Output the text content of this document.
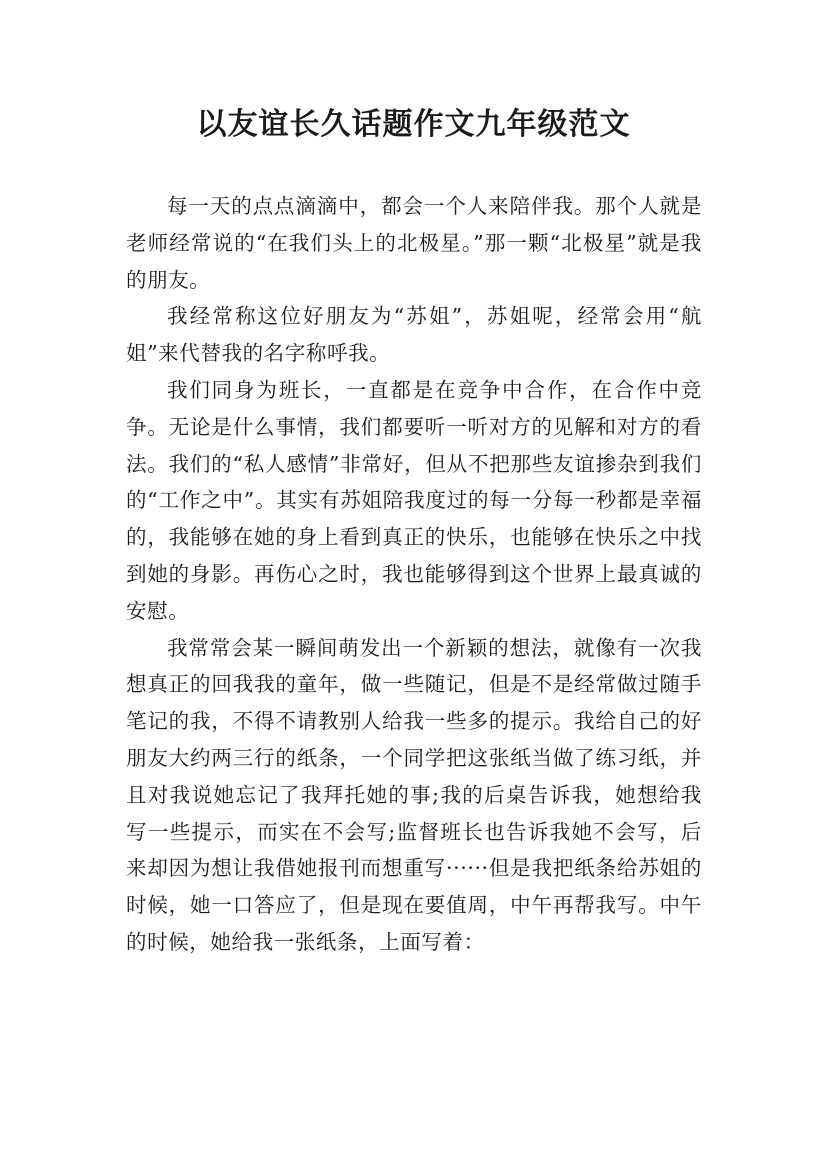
以友谊长久话题作文九年级范文

每一天的点点滴滴中，都会一个人来陪伴我。那个人就是老师经常说的“在我们头上的北极星。”那一颗“北极星”就是我的朋友。

我经常称这位好朋友为“苏姐”，苏姐呢，经常会用“航姐”来代替我的名字称呼我。

我们同身为班长，一直都是在竞争中合作，在合作中竞争。无论是什么事情，我们都要听一听对方的见解和对方的看法。我们的“私人感情”非常好，但从不把那些友谊掺杂到我们的“工作之中”。其实有苏姐陪我度过的每一分每一秒都是幸福的，我能够在她的身上看到真正的快乐，也能够在快乐之中找到她的身影。再伤心之时，我也能够得到这个世界上最真诚的安慰。

我常常会某一瞬间萌发出一个新颖的想法，就像有一次我想真正的回我我的童年，做一些随记，但是不是经常做过随手笔记的我，不得不请教别人给我一些多的提示。我给自己的好朋友大约两三行的纸条，一个同学把这张纸当做了练习纸，并且对我说她忘记了我拜托她的事;我的后桌告诉我，她想给我写一些提示，而实在不会写;监督班长也告诉我她不会写，后来却因为想让我借她报刊而想重写······但是我把纸条给苏姐的时候，她一口答应了，但是现在要值周，中午再帮我写。中午的时候，她给我一张纸条，上面写着：
